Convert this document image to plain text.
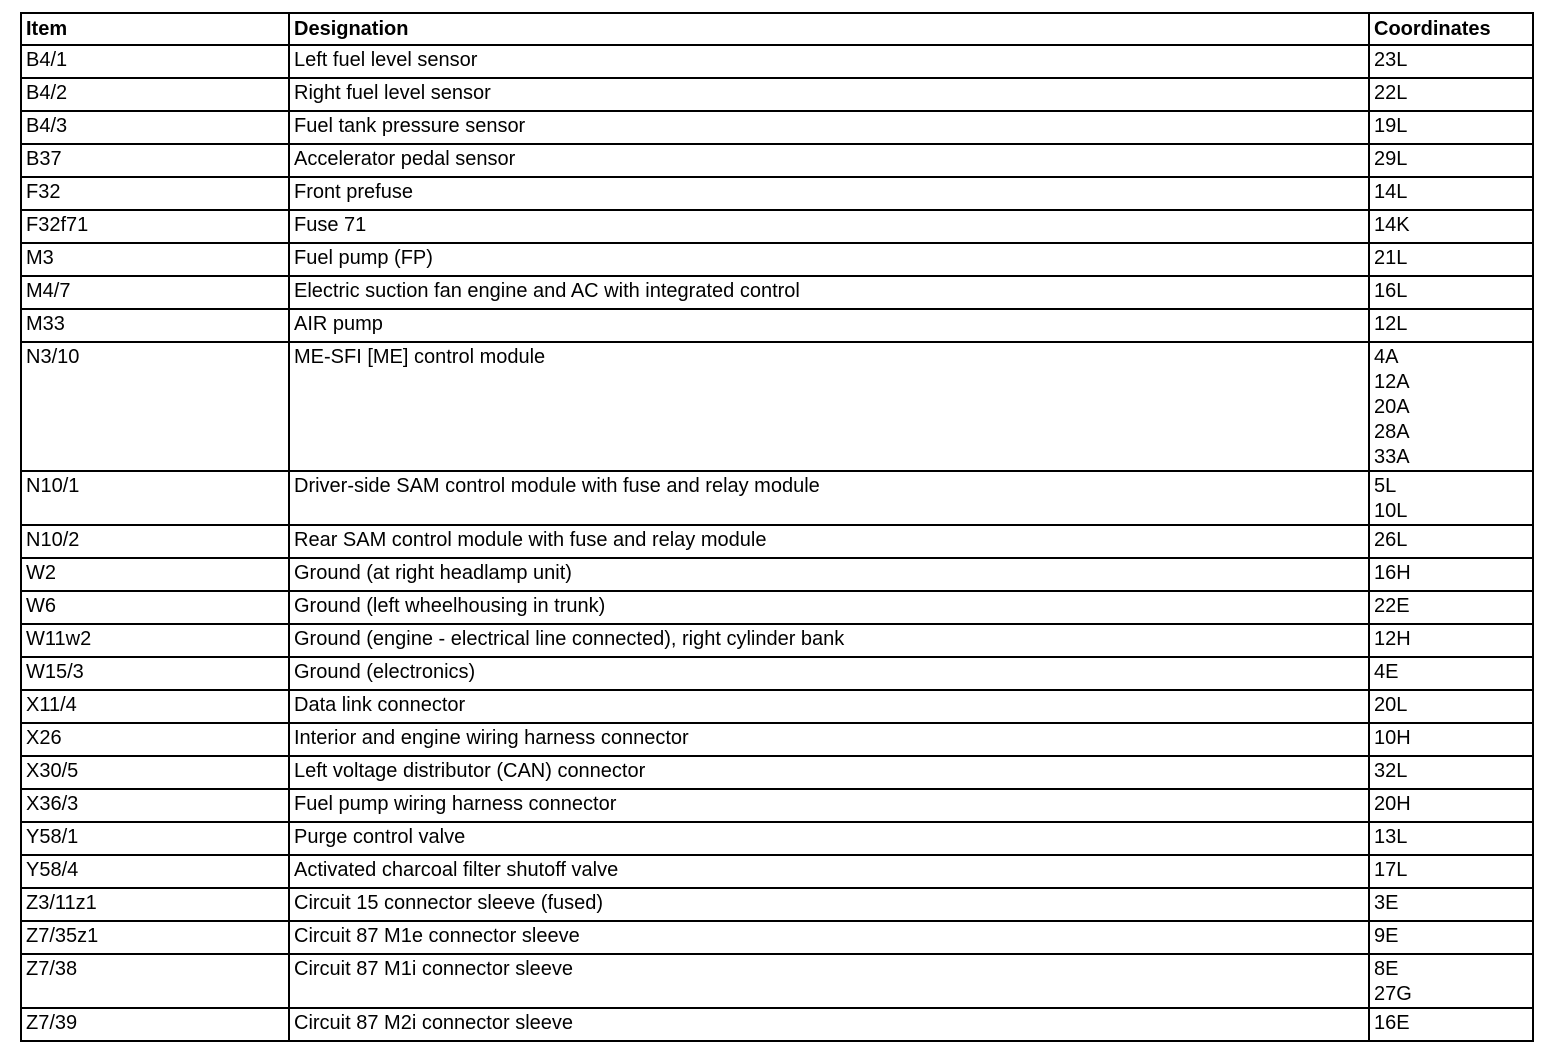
Item	Designation	Coordinates
B4/1	Left fuel level sensor	23L

B4/2	Right fuel level sensor	22L

B4/3	Fuel tank pressure sensor	19L

B37	Accelerator pedal sensor	29L

F32	Front prefuse	14L

F32f71	Fuse 71	14K

M3	Fuel pump (FP)	21L

M4/7	Electric suction fan engine and AC with integrated control	16L

M33	AIR pump	12L

N3/10	ME-SFI [ME] control module	4A
12A
20A
28A
33A

N10/1	Driver-side SAM control module with fuse and relay module	5L
10L

N10/2	Rear SAM control module with fuse and relay module	26L

W2	Ground (at right headlamp unit)	16H

W6	Ground (left wheelhousing in trunk)	22E

W11w2	Ground (engine - electrical line connected), right cylinder bank	12H

W15/3	Ground (electronics)	4E

X11/4	Data link connector	20L

X26	Interior and engine wiring harness connector	10H

X30/5	Left voltage distributor (CAN) connector	32L

X36/3	Fuel pump wiring harness connector	20H

Y58/1	Purge control valve	13L

Y58/4	Activated charcoal filter shutoff valve	17L

Z3/11z1	Circuit 15 connector sleeve (fused)	3E

Z7/35z1	Circuit 87 M1e connector sleeve	9E

Z7/38	Circuit 87 M1i connector sleeve	8E
27G

Z7/39	Circuit 87 M2i connector sleeve	16E
